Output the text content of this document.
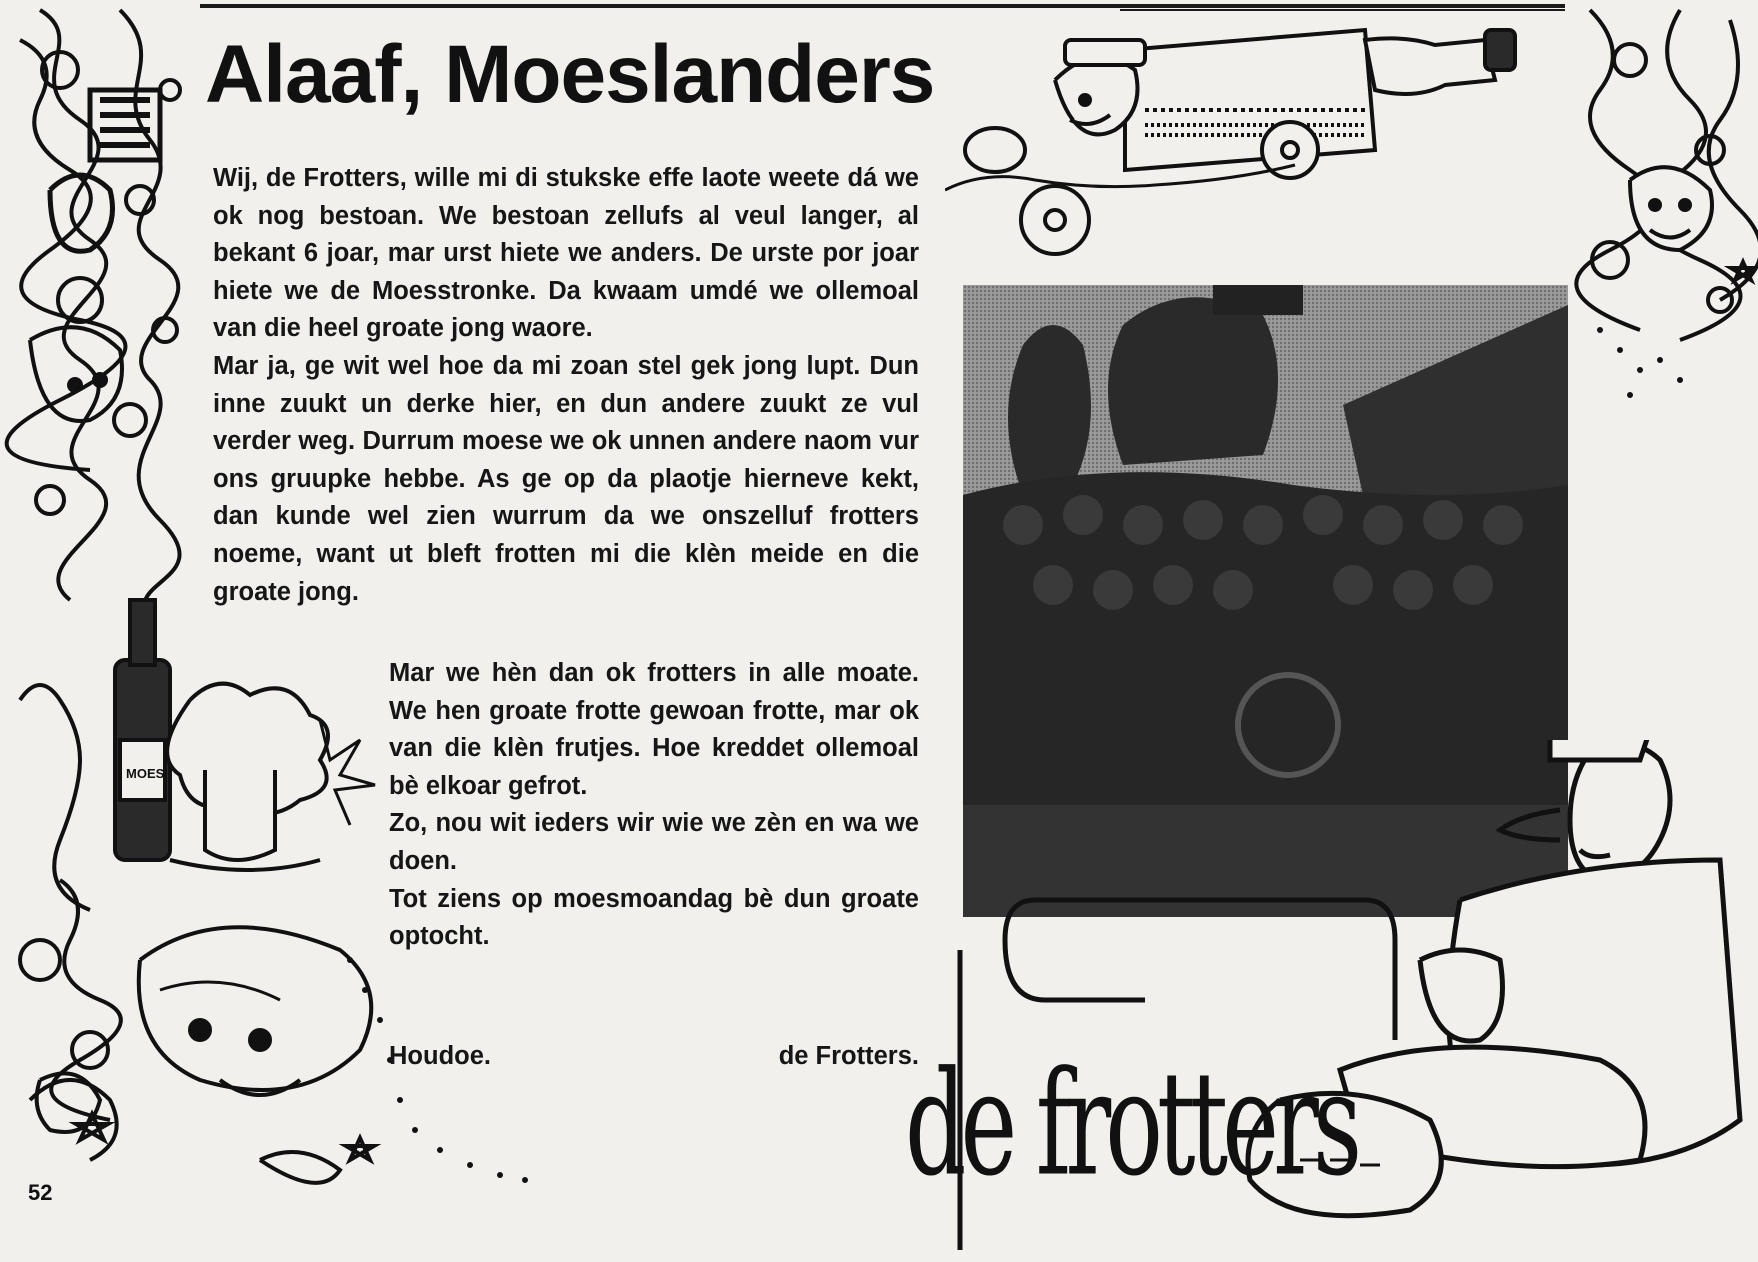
MOES
Alaaf, Moeslanders

Wij, de Frotters, wille mi di stukske effe laote weete dá we ok nog bestoan. We bestoan zellufs al veul langer, al bekant 6 joar, mar urst hiete we anders. De urste por joar hiete we de Moesstronke. Da kwaam umdé we ollemoal van die heel groate jong waore.

Mar ja, ge wit wel hoe da mi zoan stel gek jong lupt. Dun inne zuukt un derke hier, en dun andere zuukt ze vul verder weg. Durrum moese we ok unnen andere naom vur ons gruupke hebbe. As ge op da plaotje hierneve kekt, dan kunde wel zien wurrum da we onszelluf frotters noeme, want ut bleft frotten mi die klèn meide en die groate jong.

Mar we hèn dan ok frotters in alle moate. We hen groate frotte gewoan frotte, mar ok van die klèn frutjes. Hoe kreddet ollemoal bè elkoar gefrot.

Zo, nou wit ieders wir wie we zèn en wa we doen.

Tot ziens op moesmoandag bè dun groate optocht.

Houdoe.	de Frotters.
de frotters
52
